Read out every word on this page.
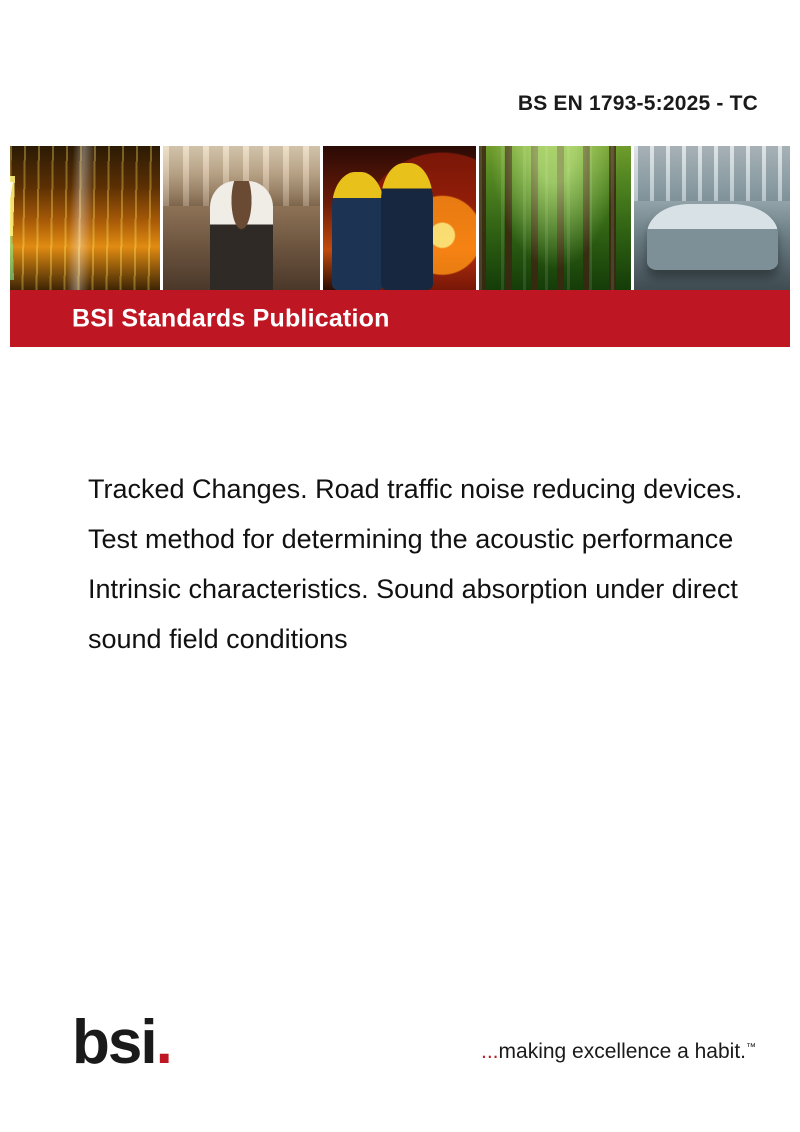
BS EN 1793-5:2025 - TC
BSI Standards Publication
Tracked Changes. Road traffic noise reducing devices. Test method for determining the acoustic performance Intrinsic characteristics. Sound absorption under direct sound field conditions
bsi.	...making excellence a habit.™
